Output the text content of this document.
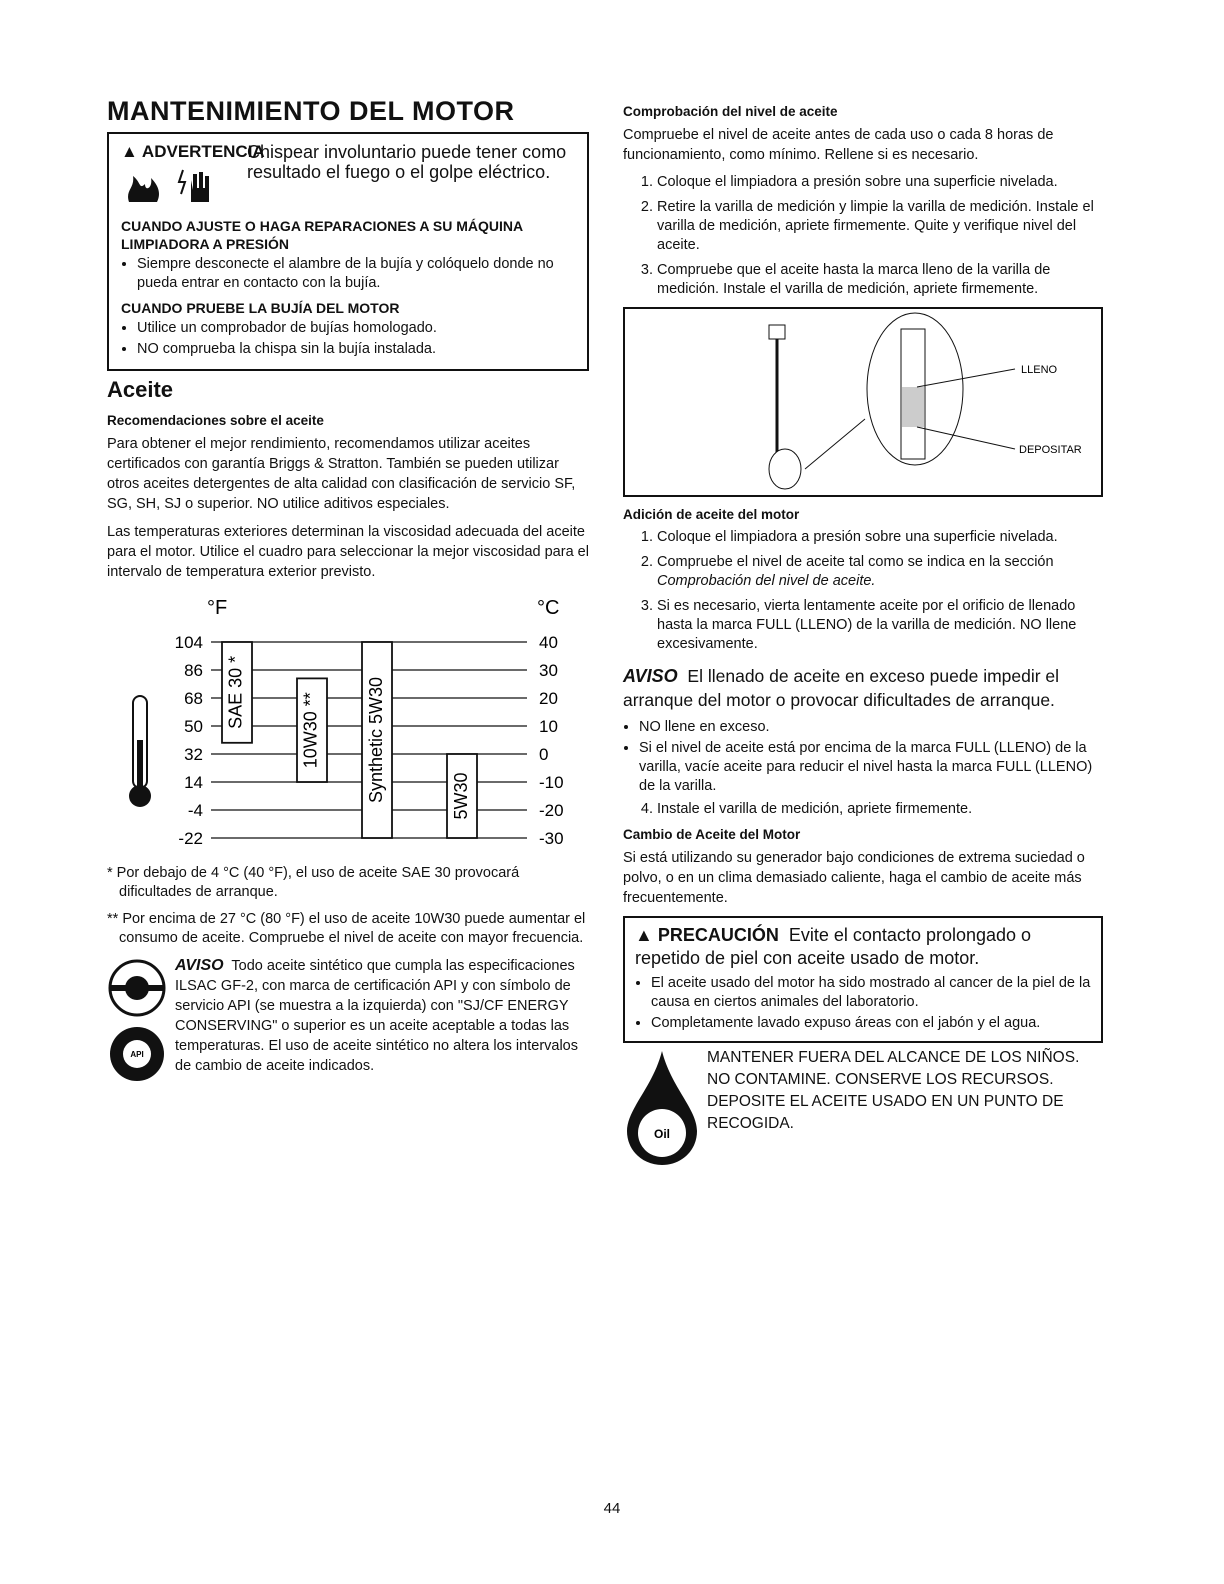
MANTENIMIENTO DEL MOTOR
▲ ADVERTENCIA
Chispear involuntario puede tener como resultado el fuego o el golpe eléctrico.
CUANDO AJUSTE O HAGA REPARACIONES A SU MÁQUINA LIMPIADORA A PRESIÓN
• Siempre desconecte el alambre de la bujía y colóquelo donde no pueda entrar en contacto con la bujía.
CUANDO PRUEBE LA BUJÍA DEL MOTOR
• Utilice un comprobador de bujías homologado.
• NO comprueba la chispa sin la bujía instalada.
Aceite
Recomendaciones sobre el aceite

Para obtener el mejor rendimiento, recomendamos utilizar aceites certificados con garantía Briggs & Stratton. También se pueden utilizar otros aceites detergentes de alta calidad con clasificación de servicio SF, SG, SH, SJ o superior. NO utilice aditivos especiales.

Las temperaturas exteriores determinan la viscosidad adecuada del aceite para el motor. Utilice el cuadro para seleccionar la mejor viscosidad para el intervalo de temperatura exterior previsto.

°F	°C
104	40
86	30
68	20
50	10
32	0
14	-10
-4	-20
-22	-30
SAE 30 *	10W30 **	Synthetic 5W30	5W30
* Por debajo de 4 °C (40 °F), el uso de aceite SAE 30 provocará dificultades de arranque.
** Por encima de 27 °C (80 °F) el uso de aceite 10W30 puede aumentar el consumo de aceite. Compruebe el nivel de aceite con mayor frecuencia.
API

AVISO Todo aceite sintético que cumpla las especificaciones ILSAC GF-2, con marca de certificación API y con símbolo de servicio API (se muestra a la izquierda) con "SJ/CF ENERGY CONSERVING" o superior es un aceite aceptable a todas las temperaturas. El uso de aceite sintético no altera los intervalos de cambio de aceite indicados.

Comprobación del nivel de aceite

Compruebe el nivel de aceite antes de cada uso o cada 8 horas de funcionamiento, como mínimo. Rellene si es necesario.

1. Coloque el limpiadora a presión sobre una superficie nivelada.
2. Retire la varilla de medición y limpie la varilla de medición. Instale el varilla de medición, apriete firmemente. Quite y verifique nivel del aceite.
3. Compruebe que el aceite hasta la marca lleno de la varilla de medición. Instale el varilla de medición, apriete firmemente.
LLENO
DEPOSITAR
Adición de aceite del motor
1. Coloque el limpiadora a presión sobre una superficie nivelada.
2. Compruebe el nivel de aceite tal como se indica en la sección
Comprobación del nivel de aceite.
3. Si es necesario, vierta lentamente aceite por el orificio de llenado hasta la marca FULL (LLENO) de la varilla de medición. NO llene excesivamente.
AVISO El llenado de aceite en exceso puede impedir el arranque del motor o provocar dificultades de arranque.
• NO llene en exceso.
• Si el nivel de aceite está por encima de la marca FULL (LLENO) de la varilla, vacíe aceite para reducir el nivel hasta la marca FULL (LLENO) de la varilla.
4. Instale el varilla de medición, apriete firmemente.
Cambio de Aceite del Motor

Si está utilizando su generador bajo condiciones de extrema suciedad o polvo, o en un clima demasiado caliente, haga el cambio de aceite más frecuentemente.

▲ PRECAUCIÓN Evite el contacto prolongado o repetido de piel con aceite usado de motor.
• El aceite usado del motor ha sido mostrado al cancer de la piel de la causa en ciertos animales del laboratorio.
• Completamente lavado expuso áreas con el jabón y el agua.
Oil
MANTENER FUERA DEL ALCANCE DE LOS NIÑOS. NO CONTAMINE. CONSERVE LOS RECURSOS. DEPOSITE EL ACEITE USADO EN UN PUNTO DE RECOGIDA.
44
